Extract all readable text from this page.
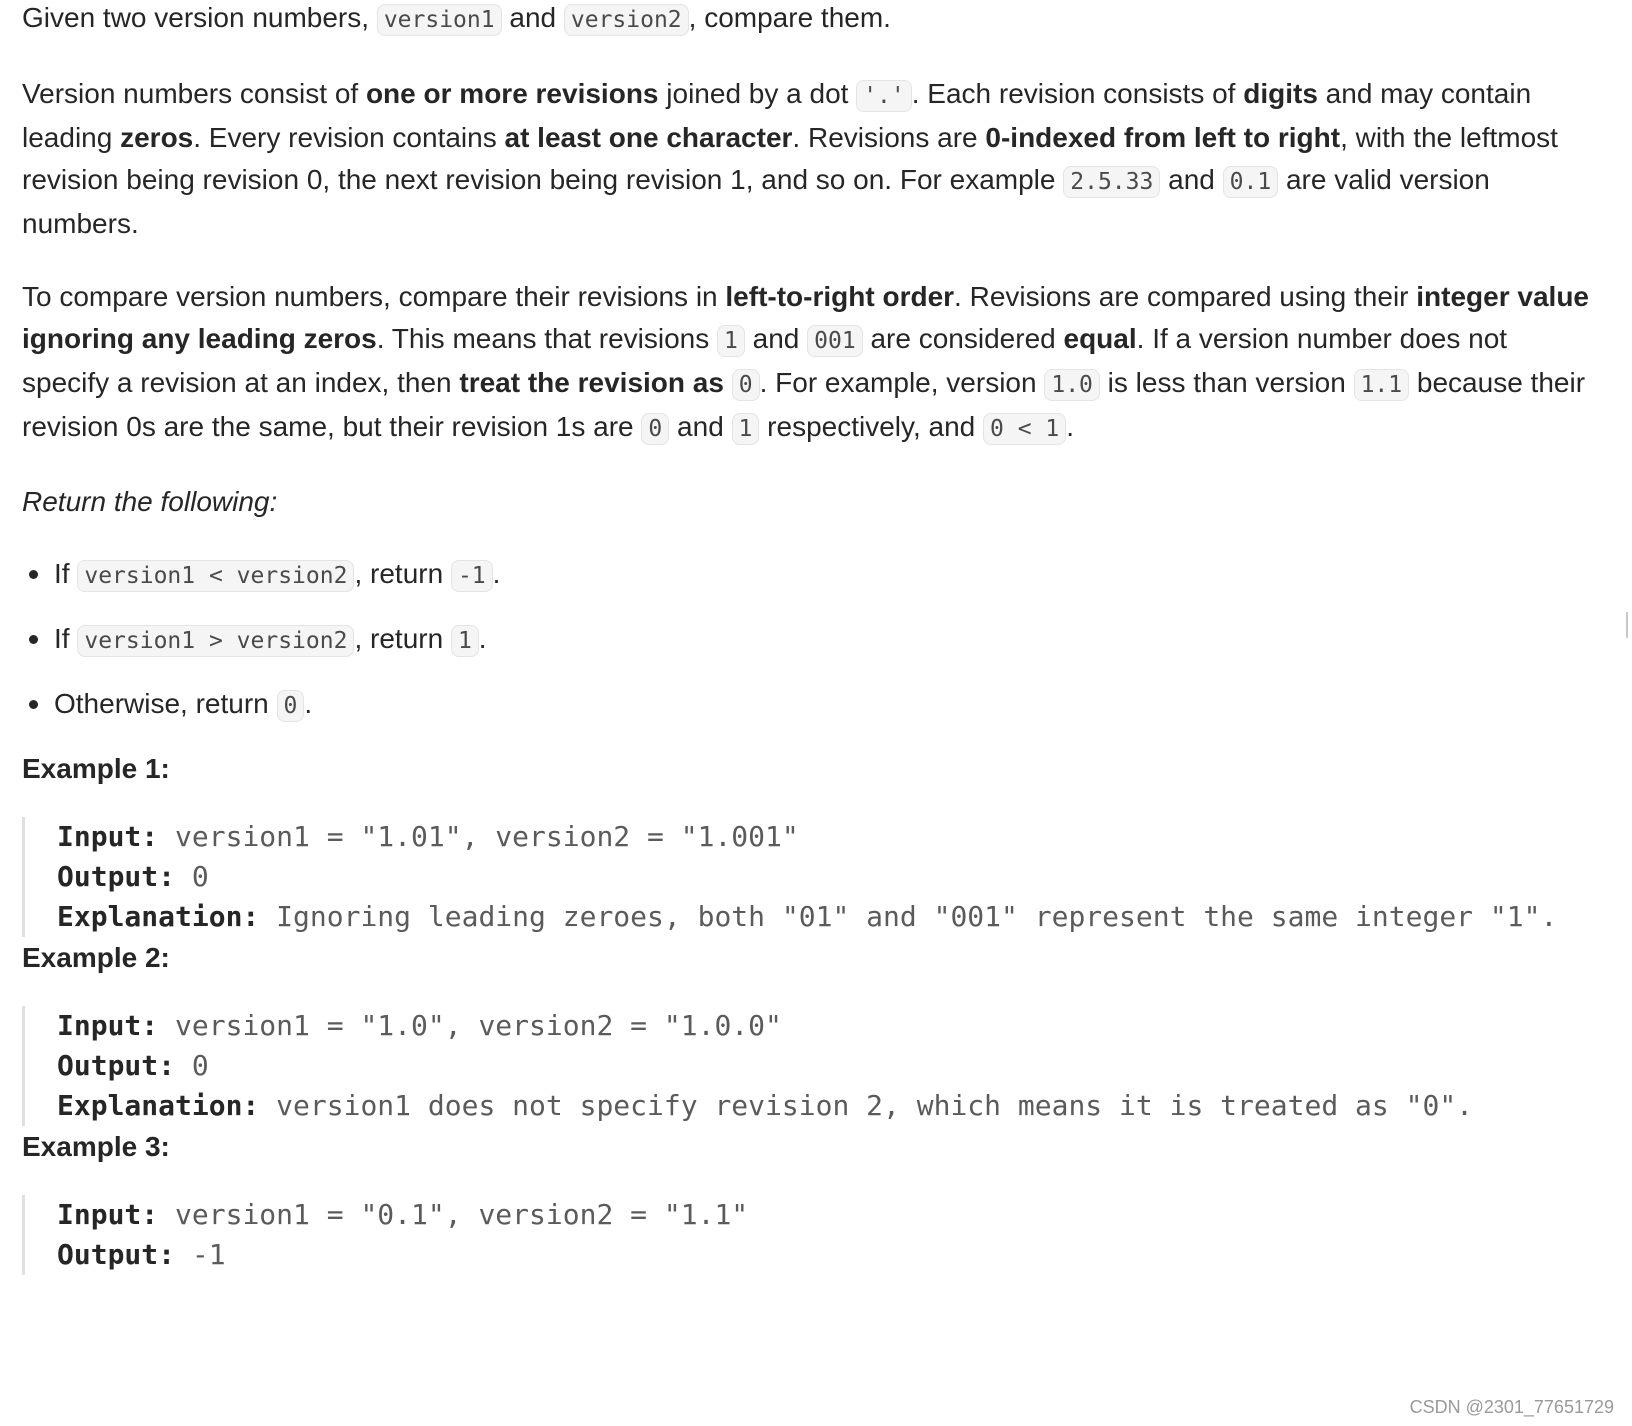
Given two version numbers, version1 and version2 , compare them.

Version numbers consist of one or more revisions joined by a dot '.' . Each revision consists of digits and may contain leading zeros. Every revision contains at least one character. Revisions are 0-indexed from left to right, with the leftmost revision being revision 0, the next revision being revision 1, and so on. For example 2.5.33 and 0.1 are valid version numbers.

To compare version numbers, compare their revisions in left-to-right order. Revisions are compared using their integer value ignoring any leading zeros. This means that revisions 1 and 001 are considered equal. If a version number does not specify a revision at an index, then treat the revision as 0 . For example, version 1.0 is less than version 1.1 because their revision 0s are the same, but their revision 1s are 0 and 1 respectively, and 0 < 1 .

Return the following:

If version1 < version2 , return -1 .
If version1 > version2 , return 1 .
Otherwise, return 0 .
Example 1:
Input: version1 = "1.01", version2 = "1.001"
Output: 0
Explanation: Ignoring leading zeroes, both "01" and "001" represent the same integer "1".
Example 2:
Input: version1 = "1.0", version2 = "1.0.0"
Output: 0
Explanation: version1 does not specify revision 2, which means it is treated as "0".
Example 3:
Input: version1 = "0.1", version2 = "1.1"
Output: -1
CSDN @2301_77651729
